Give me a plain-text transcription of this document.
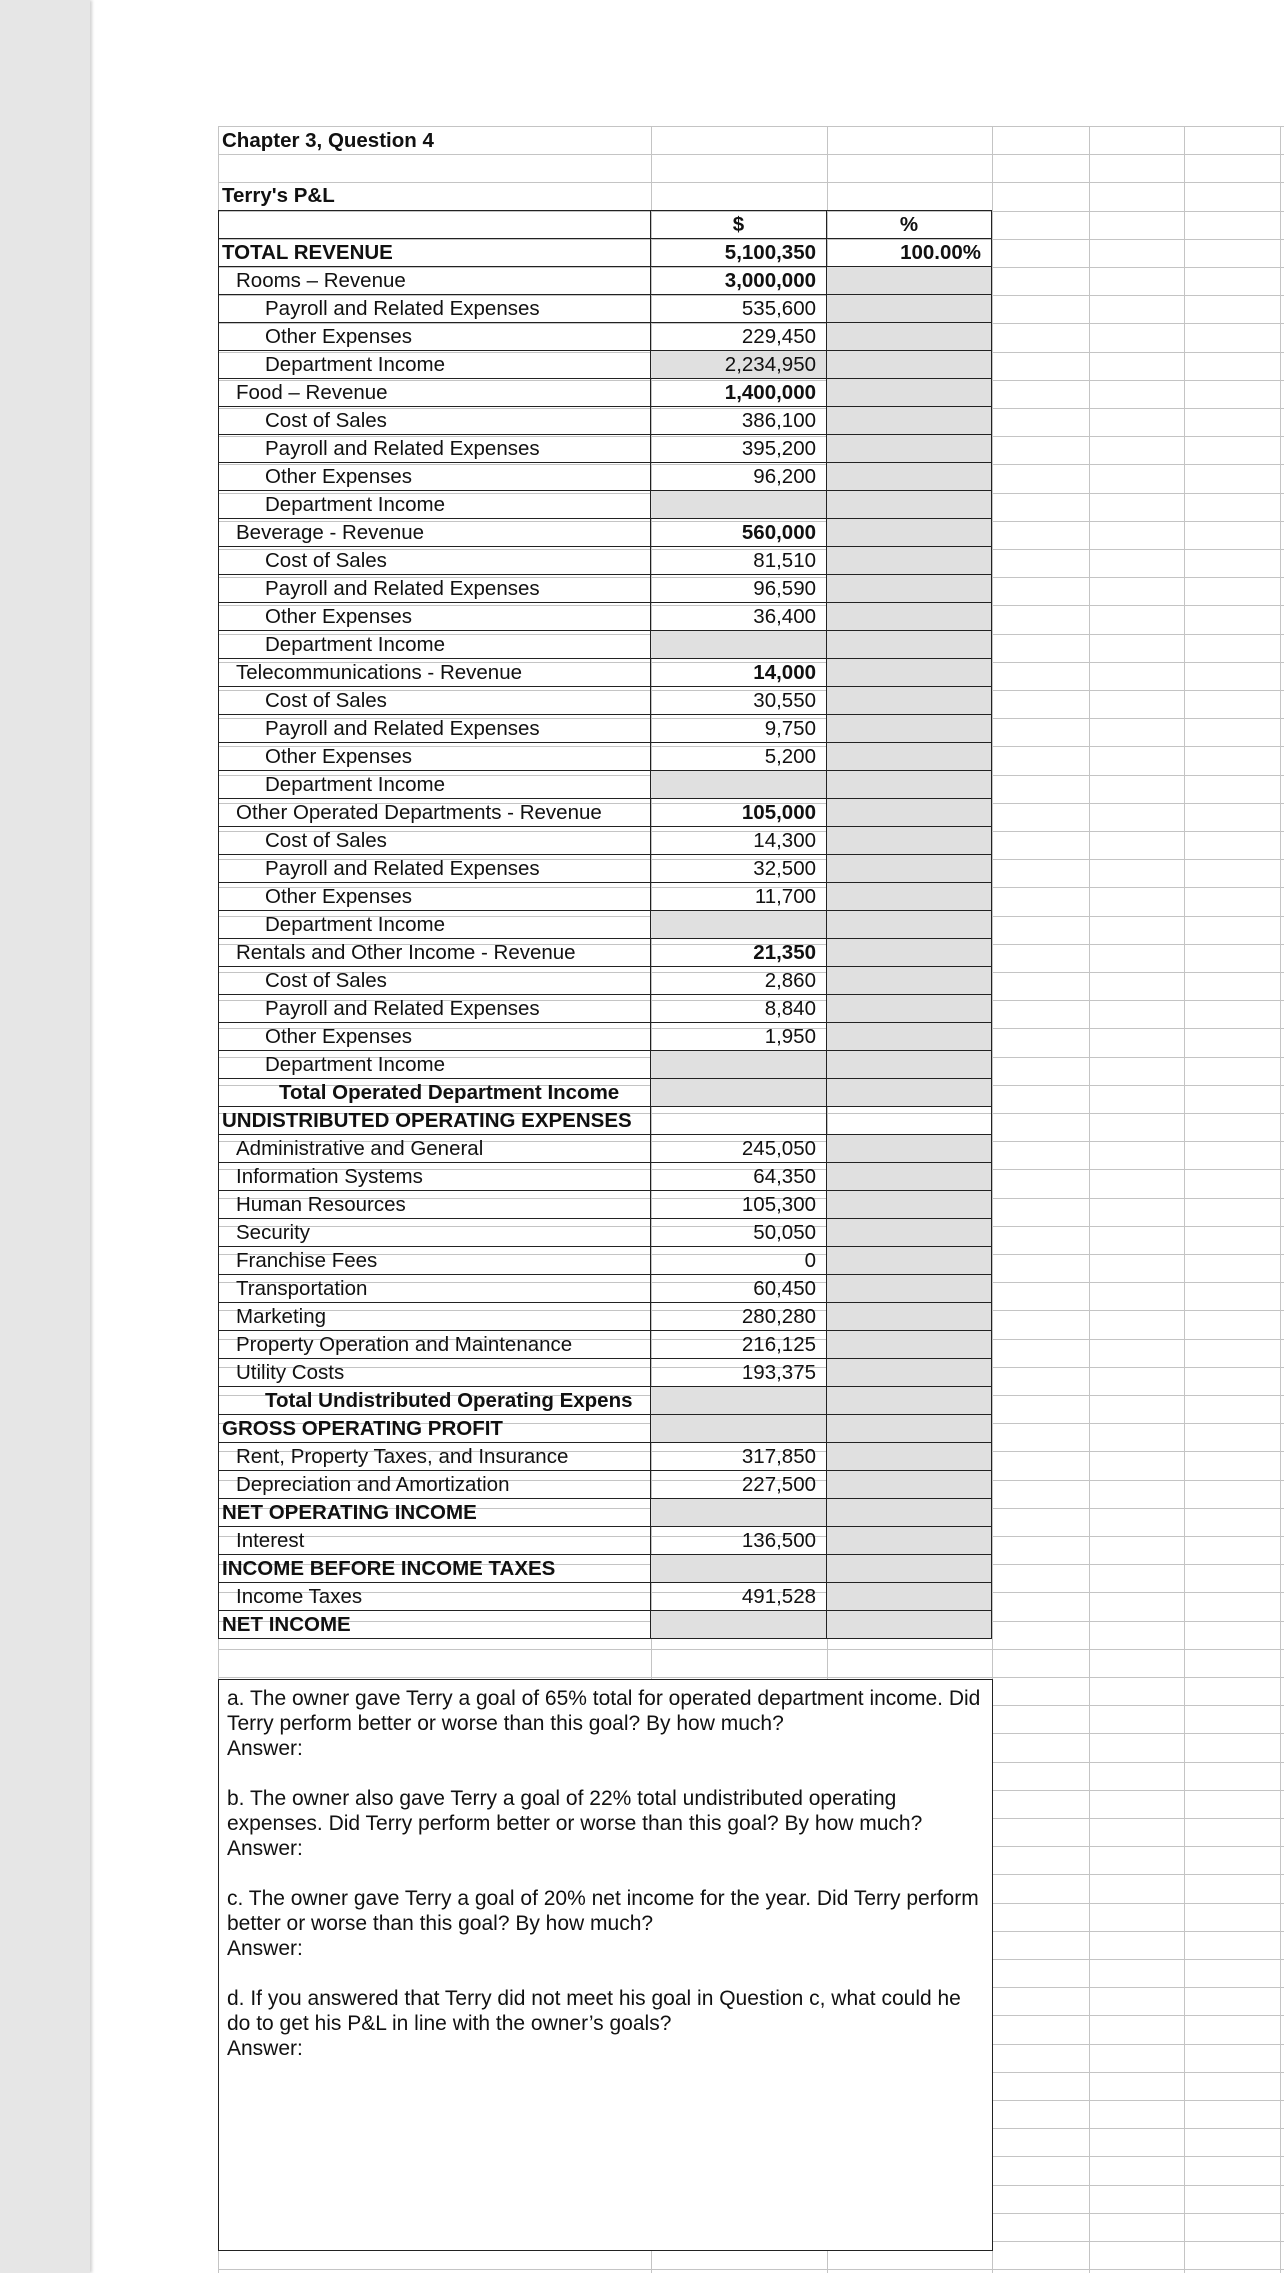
Chapter 3, Question 4
Terry's P&L
	$	%
TOTAL REVENUE	5,100,350	100.00%
Rooms – Revenue	3,000,000	
Payroll and Related Expenses	535,600	
Other Expenses	229,450	
Department Income	2,234,950	
Food – Revenue	1,400,000	
Cost of Sales	386,100	
Payroll and Related Expenses	395,200	
Other Expenses	96,200	
Department Income		
Beverage - Revenue	560,000	
Cost of Sales	81,510	
Payroll and Related Expenses	96,590	
Other Expenses	36,400	
Department Income		
Telecommunications - Revenue	14,000	
Cost of Sales	30,550	
Payroll and Related Expenses	9,750	
Other Expenses	5,200	
Department Income		
Other Operated Departments - Revenue	105,000	
Cost of Sales	14,300	
Payroll and Related Expenses	32,500	
Other Expenses	11,700	
Department Income		
Rentals and Other Income - Revenue	21,350	
Cost of Sales	2,860	
Payroll and Related Expenses	8,840	
Other Expenses	1,950	
Department Income		
Total Operated Department Income		
UNDISTRIBUTED OPERATING EXPENSES		
Administrative and General	245,050	
Information Systems	64,350	
Human Resources	105,300	
Security	50,050	
Franchise Fees	0	
Transportation	60,450	
Marketing	280,280	
Property Operation and Maintenance	216,125	
Utility Costs	193,375	
Total Undistributed Operating Expens		
GROSS OPERATING PROFIT		
Rent, Property Taxes, and Insurance	317,850	
Depreciation and Amortization	227,500	
NET OPERATING INCOME		
Interest	136,500	
INCOME BEFORE INCOME TAXES		
Income Taxes	491,528	
NET INCOME		

a. The owner gave Terry a goal of 65% total for operated department income. Did Terry perform better or worse than this goal? By how much?

Answer:

b. The owner also gave Terry a goal of 22% total undistributed operating expenses. Did Terry perform better or worse than this goal? By how much?

Answer:

c. The owner gave Terry a goal of 20% net income for the year. Did Terry perform better or worse than this goal? By how much?

Answer:

d. If you answered that Terry did not meet his goal in Question c, what could he do to get his P&L in line with the owner’s goals?

Answer:
